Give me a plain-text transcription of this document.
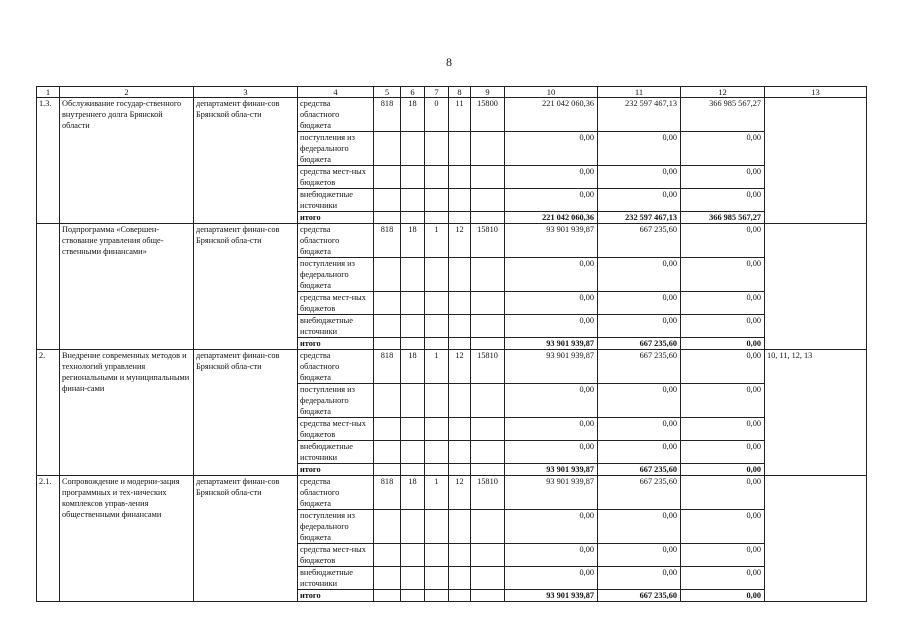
8
1	2	3	4	5	6	7	8	9	10	11	12	13
1.3.	Обслуживание государ-ственного внутреннего долга Брянской области	департамент финан-сов Брянской обла-сти	средства областного бюджета	818	18	0	11	15800	221 042 060,36	232 597 467,13	366 985 567,27	
			поступления из федерального бюджета						0,00	0,00	0,00	
			средства мест-ных бюджетов						0,00	0,00	0,00	
			внебюджетные источники						0,00	0,00	0,00	
			итого						221 042 060,36	232 597 467,13	366 985 567,27	
	Подпрограмма «Совершен-ствование управления обще-ственными финансами»	департамент финан-сов Брянской обла-сти	средства областного бюджета	818	18	1	12	15810	93 901 939,87	667 235,60	0,00	
			поступления из федерального бюджета						0,00	0,00	0,00	
			средства мест-ных бюджетов						0,00	0,00	0,00	
			внебюджетные источники						0,00	0,00	0,00	
			итого						93 901 939,87	667 235,60	0,00	
2.	Внедрение современных методов и технологий управления региональными и муниципальными финан-сами	департамент финан-сов Брянской обла-сти	средства областного бюджета	818	18	1	12	15810	93 901 939,87	667 235,60	0,00	10, 11, 12, 13
			поступления из федерального бюджета						0,00	0,00	0,00	
			средства мест-ных бюджетов						0,00	0,00	0,00	
			внебюджетные источники						0,00	0,00	0,00	
			итого						93 901 939,87	667 235,60	0,00	
2.1.	Сопровождение и модерни-зация программных и тех-нических комплексов управ-ления общественными финансами	департамент финан-сов Брянской обла-сти	средства областного бюджета	818	18	1	12	15810	93 901 939,87	667 235,60	0,00	
			поступления из федерального бюджета						0,00	0,00	0,00	
			средства мест-ных бюджетов						0,00	0,00	0,00	
			внебюджетные источники						0,00	0,00	0,00	
			итого						93 901 939,87	667 235,60	0,00	
